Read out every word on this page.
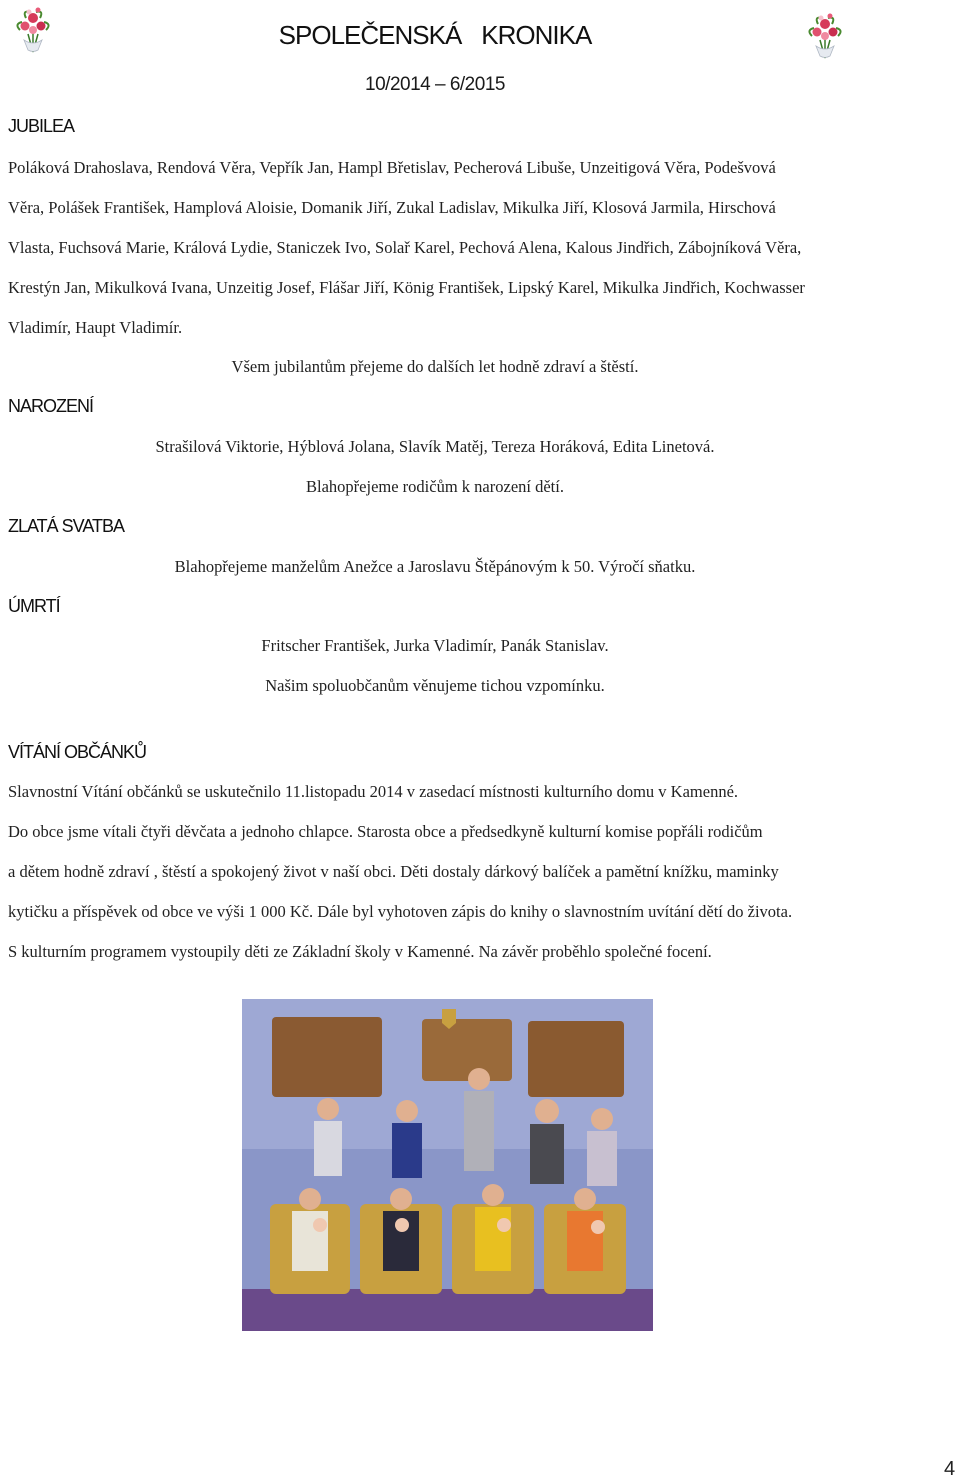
SPOLEČENSKÁ KRONIKA
10/2014 – 6/2015
JUBILEA
Poláková Drahoslava, Rendová Věra, Vepřík Jan, Hampl Břetislav, Pecherová Libuše, Unzeitigová Věra, Podešvová
Věra, Polášek František, Hamplová Aloisie, Domanik Jiří, Zukal Ladislav, Mikulka Jiří, Klosová Jarmila, Hirschová
Vlasta, Fuchsová Marie, Králová Lydie, Staniczek Ivo, Solař Karel, Pechová Alena, Kalous Jindřich, Zábojníková Věra,
Krestýn Jan, Mikulková Ivana, Unzeitig Josef, Flášar Jiří, König František, Lipský Karel, Mikulka Jindřich, Kochwasser
Vladimír, Haupt Vladimír.
Všem jubilantům přejeme do dalších let hodně zdraví a štěstí.
NAROZENÍ
Strašilová Viktorie, Hýblová Jolana, Slavík Matěj, Tereza Horáková, Edita Linetová.
Blahopřejeme rodičům k narození dětí.
ZLATÁ SVATBA
Blahopřejeme manželům Anežce a Jaroslavu Štěpánovým k 50. Výročí sňatku.
ÚMRTÍ
Fritscher František, Jurka Vladimír, Panák Stanislav.
Našim spoluobčanům věnujeme tichou vzpomínku.
VÍTÁNÍ OBČÁNKŮ
Slavnostní Vítání občánků se uskutečnilo 11.listopadu 2014 v zasedací místnosti kulturního domu v Kamenné.
Do obce jsme vítali čtyři děvčata a jednoho chlapce. Starosta obce a předsedkyně kulturní komise popřáli rodičům
a dětem hodně zdraví , štěstí a spokojený život v naší obci. Děti dostaly dárkový balíček a pamětní knížku, maminky
kytičku a příspěvek od obce ve výši 1 000 Kč. Dále byl vyhotoven zápis do knihy o slavnostním uvítání dětí do života.
S kulturním programem vystoupily děti ze Základní školy v Kamenné. Na závěr proběhlo společné focení.
4
